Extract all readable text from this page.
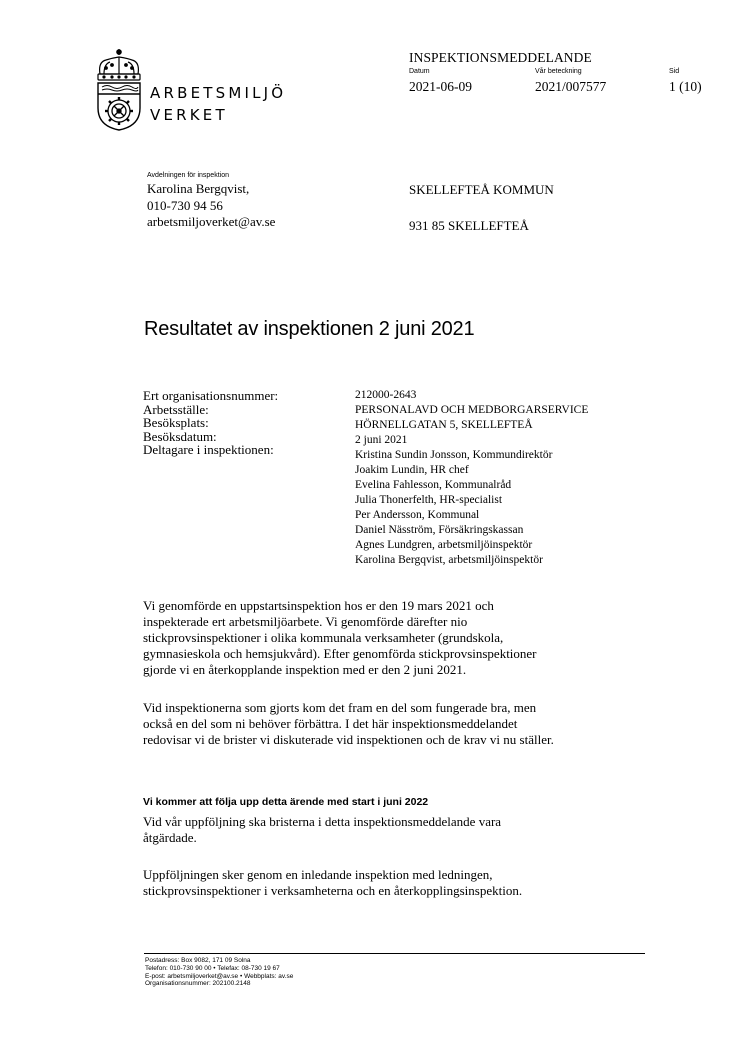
ARBETSMILJÖ
VERKET
INSPEKTIONSMEDDELANDE
Datum
2021-06-09
Vår beteckning
2021/007577
Sid
1 (10)
Avdelningen för inspektion
Karolina Bergqvist,
010-730 94 56
arbetsmiljoverket@av.se
SKELLEFTEÅ KOMMUN
931 85 SKELLEFTEÅ
Resultatet av inspektionen 2 juni 2021
Ert organisationsnummer:
Arbetsställe:
Besöksplats:
Besöksdatum:
Deltagare i inspektionen:
212000-2643
PERSONALAVD OCH MEDBORGARSERVICE
HÖRNELLGATAN 5, SKELLEFTEÅ
2 juni 2021
Kristina Sundin Jonsson, Kommundirektör
Joakim Lundin, HR chef
Evelina Fahlesson, Kommunalråd
Julia Thonerfelth, HR-specialist
Per Andersson, Kommunal
Daniel Näsström, Försäkringskassan
Agnes Lundgren, arbetsmiljöinspektör
Karolina Bergqvist, arbetsmiljöinspektör
Vi genomförde en uppstartsinspektion hos er den 19 mars 2021 och
inspekterade ert arbetsmiljöarbete. Vi genomförde därefter nio
stickprovsinspektioner i olika kommunala verksamheter (grundskola,
gymnasieskola och hemsjukvård). Efter genomförda stickprovsinspektioner
gjorde vi en återkopplande inspektion med er den 2 juni 2021.
Vid inspektionerna som gjorts kom det fram en del som fungerade bra, men
också en del som ni behöver förbättra. I det här inspektionsmeddelandet
redovisar vi de brister vi diskuterade vid inspektionen och de krav vi nu ställer.
Vi kommer att följa upp detta ärende med start i juni 2022
Vid vår uppföljning ska bristerna i detta inspektionsmeddelande vara
åtgärdade.
Uppföljningen sker genom en inledande inspektion med ledningen,
stickprovsinspektioner i verksamheterna och en återkopplingsinspektion.
Postadress: Box 9082, 171 09 Solna
Telefon: 010-730 90 00 • Telefax: 08-730 19 67
E-post: arbetsmiljoverket@av.se • Webbplats: av.se
Organisationsnummer: 202100.2148
